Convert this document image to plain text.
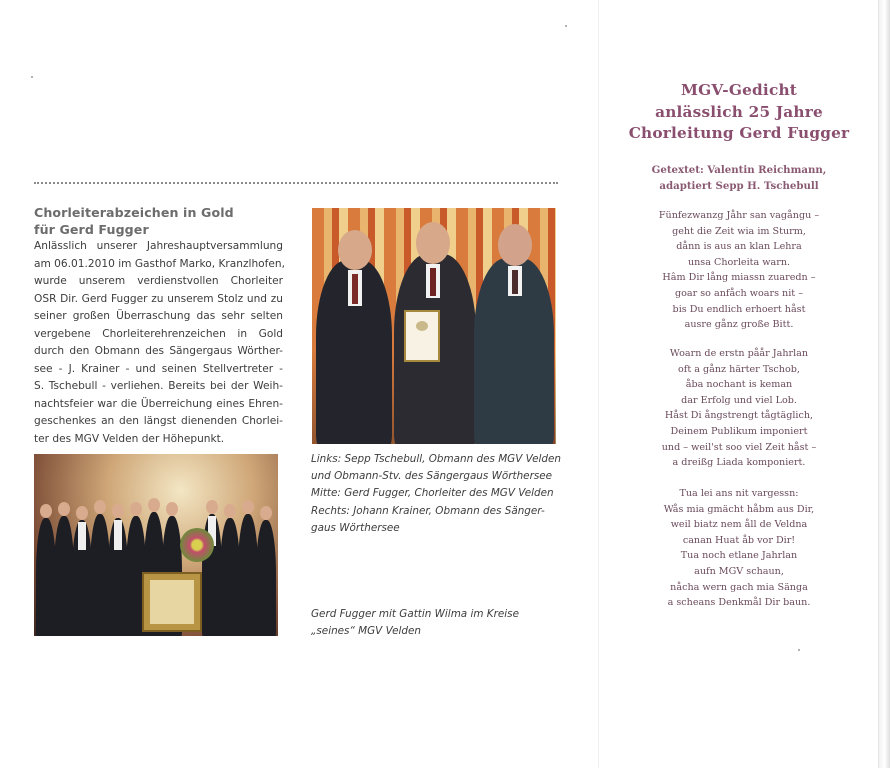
Chorleiterabzeichen in Gold
für Gerd Fugger

Anlässlich unserer Jahreshauptversammlung
am 06.01.2010 im Gasthof Marko, Kranzlhofen,
wurde unserem verdienstvollen Chorleiter
OSR Dir. Gerd Fugger zu unserem Stolz und zu
seiner großen Überraschung das sehr selten
vergebene Chorleiterehrenzeichen in Gold
durch den Obmann des Sängergaus Wörther-
see - J. Krainer - und seinen Stellvertreter -
S. Tschebull - verliehen. Bereits bei der Weih-
nachtsfeier war die Überreichung eines Ehren-
geschenkes an den längst dienenden Chorlei-
ter des MGV Velden der Höhepunkt.

Links: Sepp Tschebull, Obmann des MGV Velden
und Obmann-Stv. des Sängergaus Wörthersee
Mitte: Gerd Fugger, Chorleiter des MGV Velden
Rechts: Johann Krainer, Obmann des Sänger-
gaus Wörthersee

Gerd Fugger mit Gattin Wilma im Kreise
„seines“ MGV Velden

MGV-Gedicht
anlässlich 25 Jahre
Chorleitung Gerd Fugger

Getextet: Valentin Reichmann,
adaptiert Sepp H. Tschebull

Fünfezwanzg Jåhr san vagångu –
geht die Zeit wia im Sturm,
dånn is aus an klan Lehra
unsa Chorleita warn.
Hâm Dir lång miassn zuaredn –
goar so anfåch woars nit –
bis Du endlich erhoert håst
ausre gånz große Bitt.

Woarn de erstn påår Jahrlan
oft a gånz härter Tschob,
åba nochant is keman
dar Erfolg und viel Lob.
Håst Di ångstrengt tågtäglich,
Deinem Publikum imponiert
und – weil'st soo viel Zeit håst –
a dreißg Liada komponiert.

Tua lei ans nit vargessn:
Wås mia gmächt håbm aus Dir,
weil biatz nem åll de Veldna
canan Huat åb vor Dir!
Tua noch etlane Jahrlan
aufn MGV schaun,
nåcha wern gach mia Sänga
a scheans Denkmål Dir baun.
